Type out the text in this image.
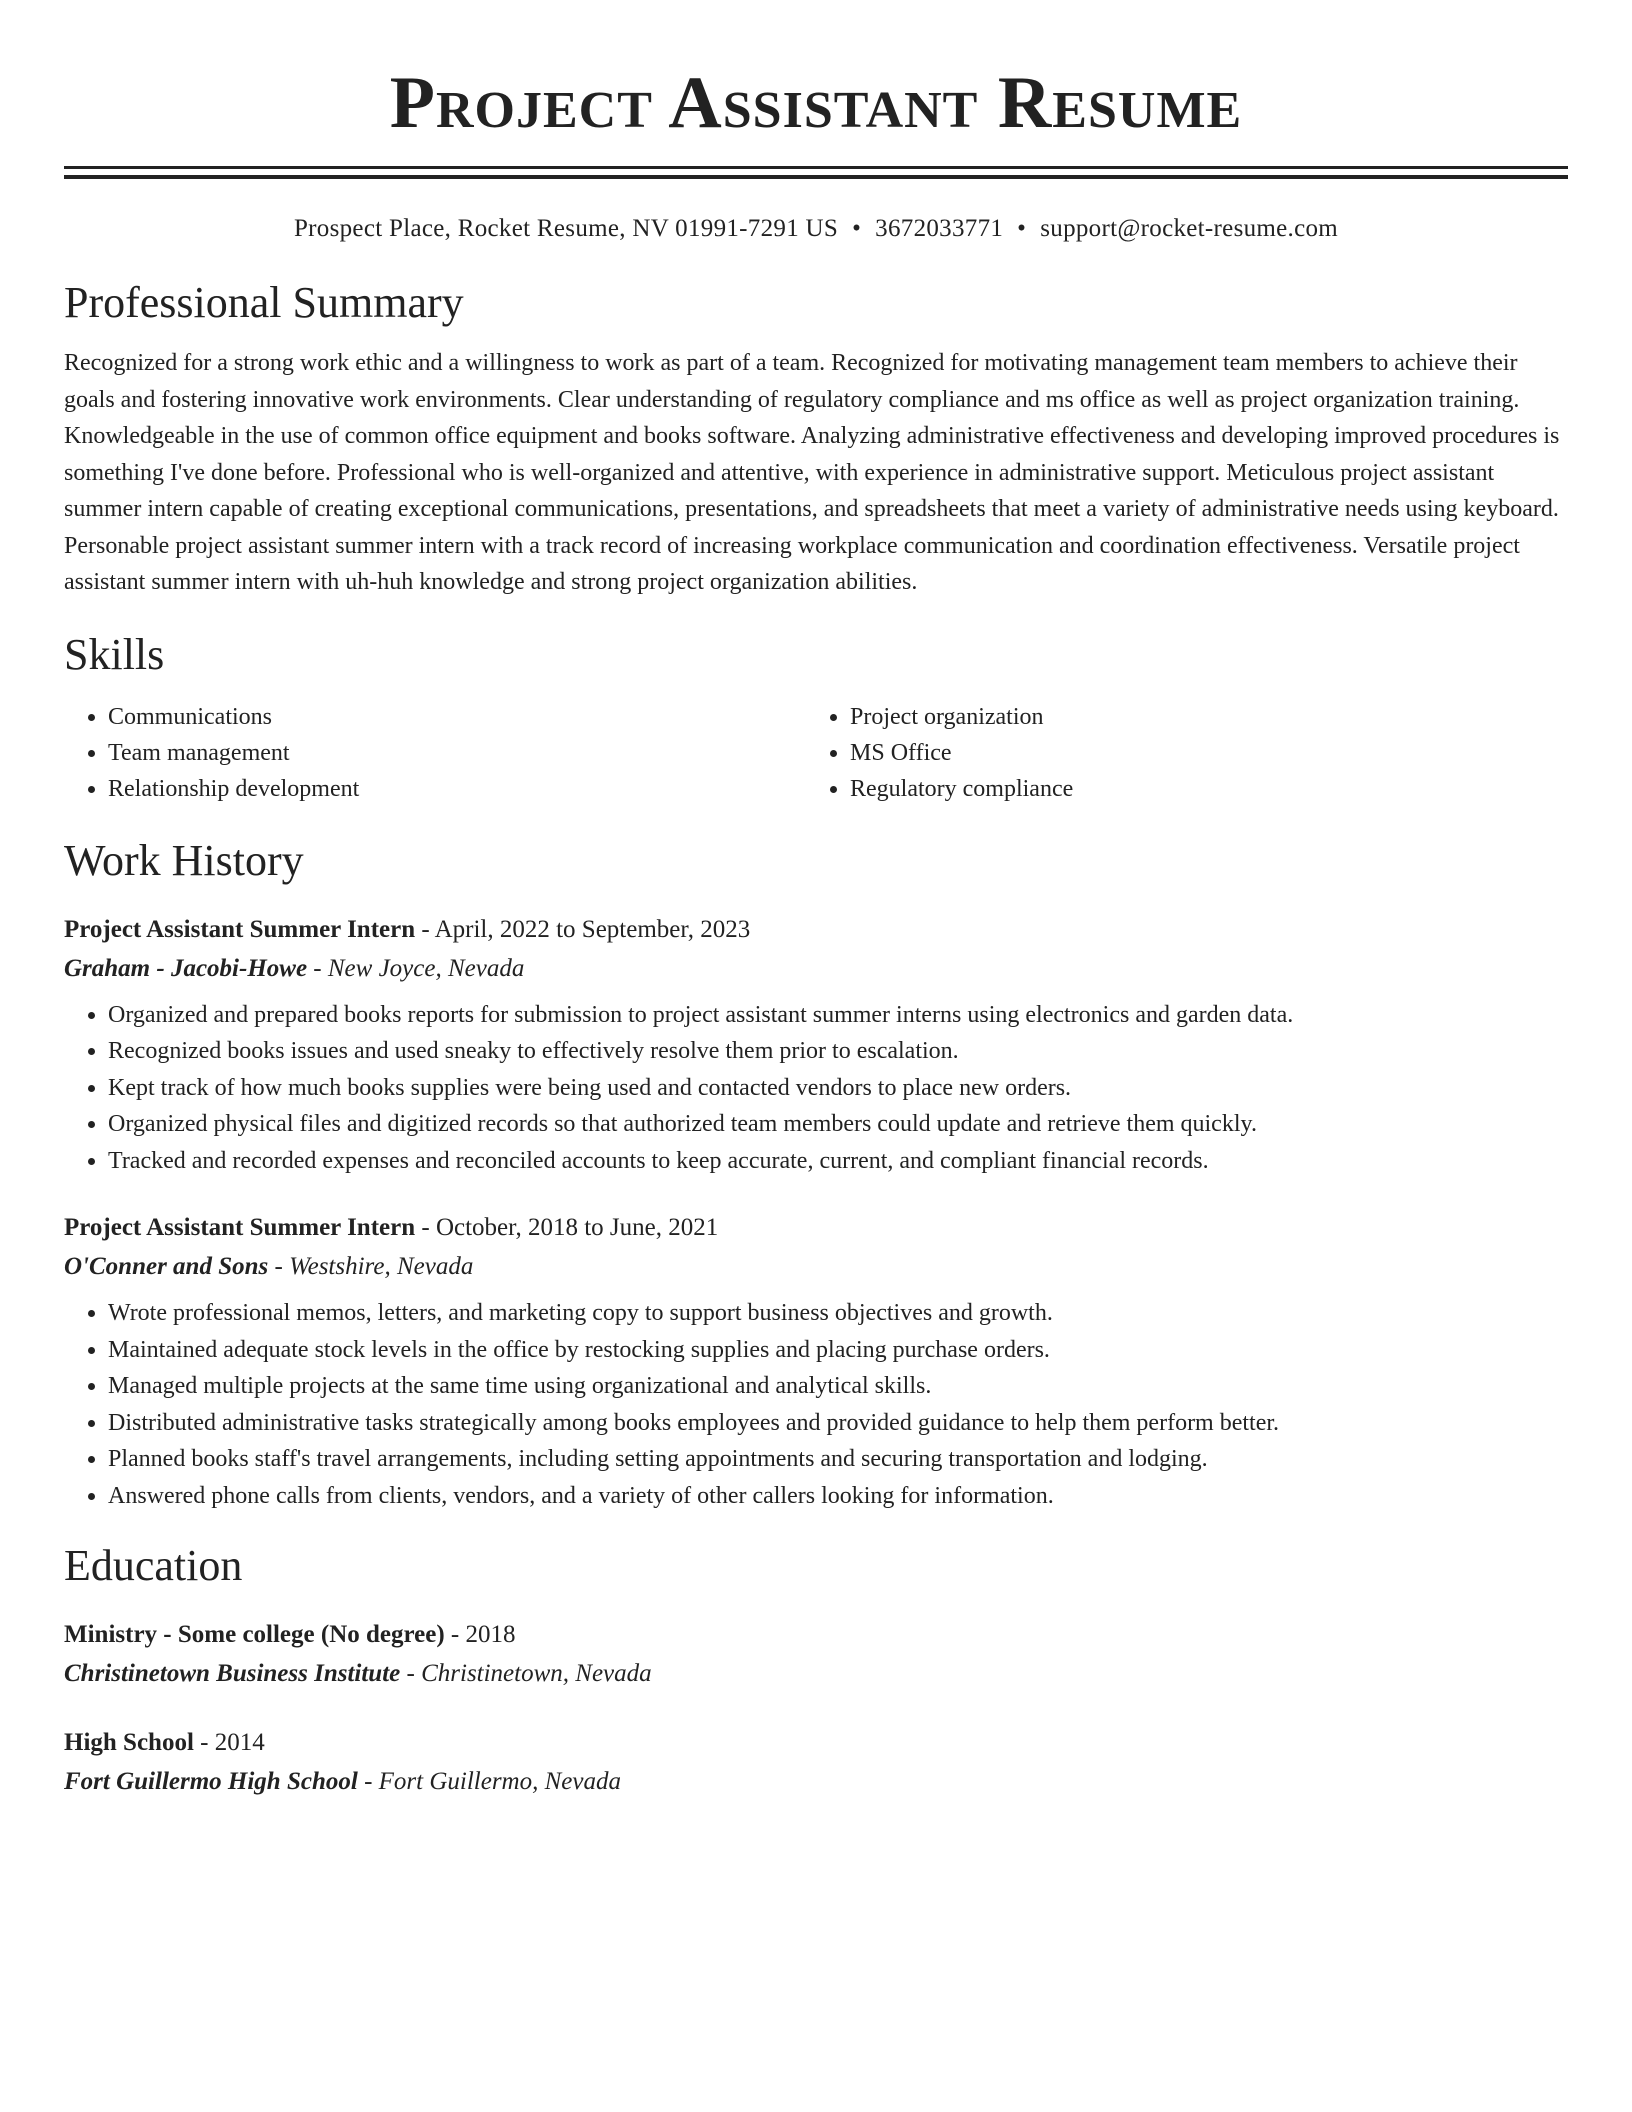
Project Assistant Resume
Prospect Place, Rocket Resume, NV 01991-7291 US • 3672033771 • support@rocket-resume.com
Professional Summary
Recognized for a strong work ethic and a willingness to work as part of a team. Recognized for motivating management team members to achieve their goals and fostering innovative work environments. Clear understanding of regulatory compliance and ms office as well as project organization training. Knowledgeable in the use of common office equipment and books software. Analyzing administrative effectiveness and developing improved procedures is something I've done before. Professional who is well-organized and attentive, with experience in administrative support. Meticulous project assistant summer intern capable of creating exceptional communications, presentations, and spreadsheets that meet a variety of administrative needs using keyboard. Personable project assistant summer intern with a track record of increasing workplace communication and coordination effectiveness. Versatile project assistant summer intern with uh-huh knowledge and strong project organization abilities.
Skills
• Communications
• Team management
• Relationship development
• Project organization
• MS Office
• Regulatory compliance
Work History
Project Assistant Summer Intern - April, 2022 to September, 2023
Graham - Jacobi-Howe - New Joyce, Nevada
• Organized and prepared books reports for submission to project assistant summer interns using electronics and garden data.
• Recognized books issues and used sneaky to effectively resolve them prior to escalation.
• Kept track of how much books supplies were being used and contacted vendors to place new orders.
• Organized physical files and digitized records so that authorized team members could update and retrieve them quickly.
• Tracked and recorded expenses and reconciled accounts to keep accurate, current, and compliant financial records.
Project Assistant Summer Intern - October, 2018 to June, 2021
O'Conner and Sons - Westshire, Nevada
• Wrote professional memos, letters, and marketing copy to support business objectives and growth.
• Maintained adequate stock levels in the office by restocking supplies and placing purchase orders.
• Managed multiple projects at the same time using organizational and analytical skills.
• Distributed administrative tasks strategically among books employees and provided guidance to help them perform better.
• Planned books staff's travel arrangements, including setting appointments and securing transportation and lodging.
• Answered phone calls from clients, vendors, and a variety of other callers looking for information.
Education
Ministry - Some college (No degree) - 2018
Christinetown Business Institute - Christinetown, Nevada
High School - 2014
Fort Guillermo High School - Fort Guillermo, Nevada
